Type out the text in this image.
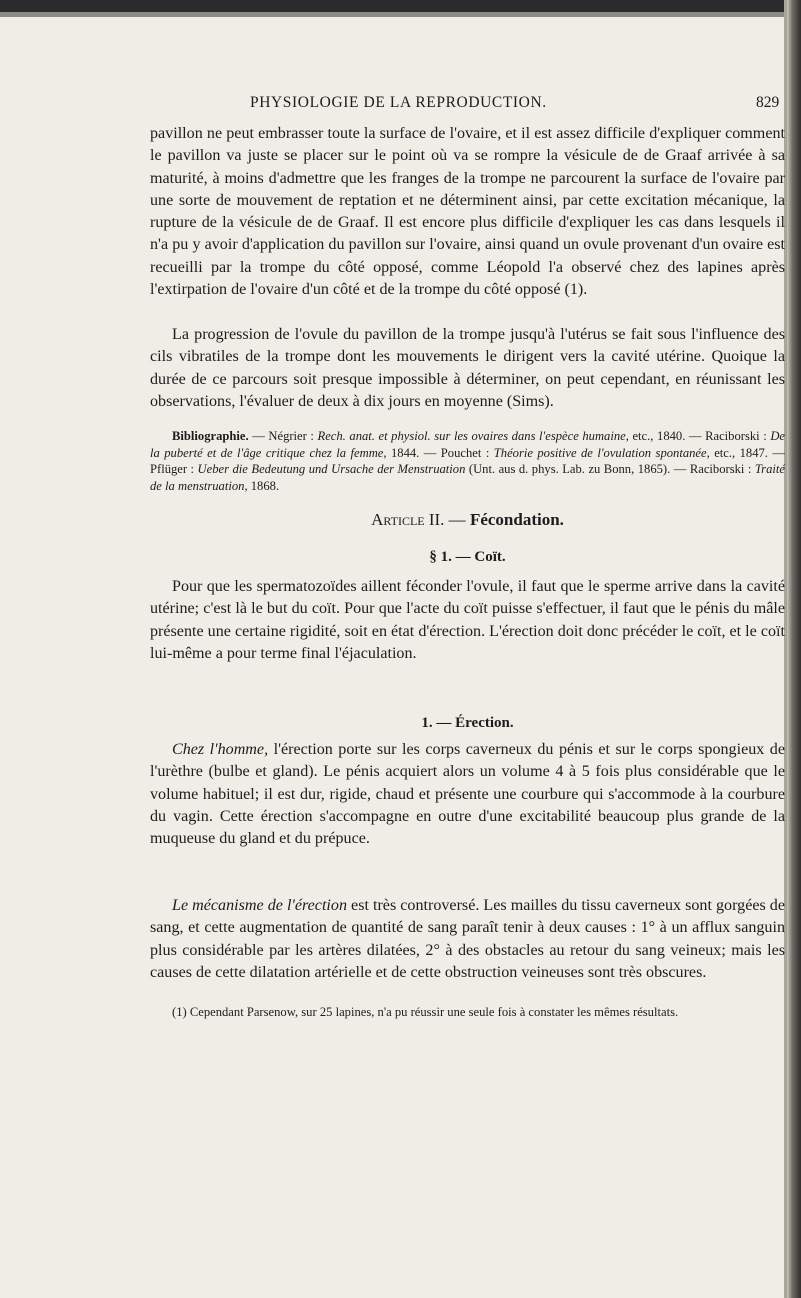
PHYSIOLOGIE DE LA REPRODUCTION.	829

pavillon ne peut embrasser toute la surface de l'ovaire, et il est assez difficile d'expliquer comment le pavillon va juste se placer sur le point où va se rompre la vésicule de de Graaf arrivée à sa maturité, à moins d'admettre que les franges de la trompe ne parcourent la surface de l'ovaire par une sorte de mouvement de reptation et ne déterminent ainsi, par cette excitation mécanique, la rupture de la vésicule de de Graaf. Il est encore plus difficile d'expliquer les cas dans lesquels il n'a pu y avoir d'application du pavillon sur l'ovaire, ainsi quand un ovule provenant d'un ovaire est recueilli par la trompe du côté opposé, comme Léopold l'a observé chez des lapines après l'extirpation de l'ovaire d'un côté et de la trompe du côté opposé (1).

La progression de l'ovule du pavillon de la trompe jusqu'à l'utérus se fait sous l'influence des cils vibratiles de la trompe dont les mouvements le dirigent vers la cavité utérine. Quoique la durée de ce parcours soit presque impossible à déterminer, on peut cependant, en réunissant les observations, l'évaluer de deux à dix jours en moyenne (Sims).

Bibliographie. — Négrier : Rech. anat. et physiol. sur les ovaires dans l'espèce humaine, etc., 1840. — Raciborski : De la puberté et de l'âge critique chez la femme, 1844. — Pouchet : Théorie positive de l'ovulation spontanée, etc., 1847. — Pflüger : Ueber die Bedeutung und Ursache der Menstruation (Unt. aus d. phys. Lab. zu Bonn, 1865). — Raciborski : Traité de la menstruation, 1868.

Article II. — Fécondation.
§ 1. — Coït.

Pour que les spermatozoïdes aillent féconder l'ovule, il faut que le sperme arrive dans la cavité utérine; c'est là le but du coït. Pour que l'acte du coït puisse s'effectuer, il faut que le pénis du mâle présente une certaine rigidité, soit en état d'érection. L'érection doit donc précéder le coït, et le coït lui-même a pour terme final l'éjaculation.

1. — Érection.

Chez l'homme, l'érection porte sur les corps caverneux du pénis et sur le corps spongieux de l'urèthre (bulbe et gland). Le pénis acquiert alors un volume 4 à 5 fois plus considérable que le volume habituel; il est dur, rigide, chaud et présente une courbure qui s'accommode à la courbure du vagin. Cette érection s'accompagne en outre d'une excitabilité beaucoup plus grande de la muqueuse du gland et du prépuce.

Le mécanisme de l'érection est très controversé. Les mailles du tissu caverneux sont gorgées de sang, et cette augmentation de quantité de sang paraît tenir à deux causes : 1° à un afflux sanguin plus considérable par les artères dilatées, 2° à des obstacles au retour du sang veineux; mais les causes de cette dilatation artérielle et de cette obstruction veineuses sont très obscures.

(1) Cependant Parsenow, sur 25 lapines, n'a pu réussir une seule fois à constater les mêmes résultats.
